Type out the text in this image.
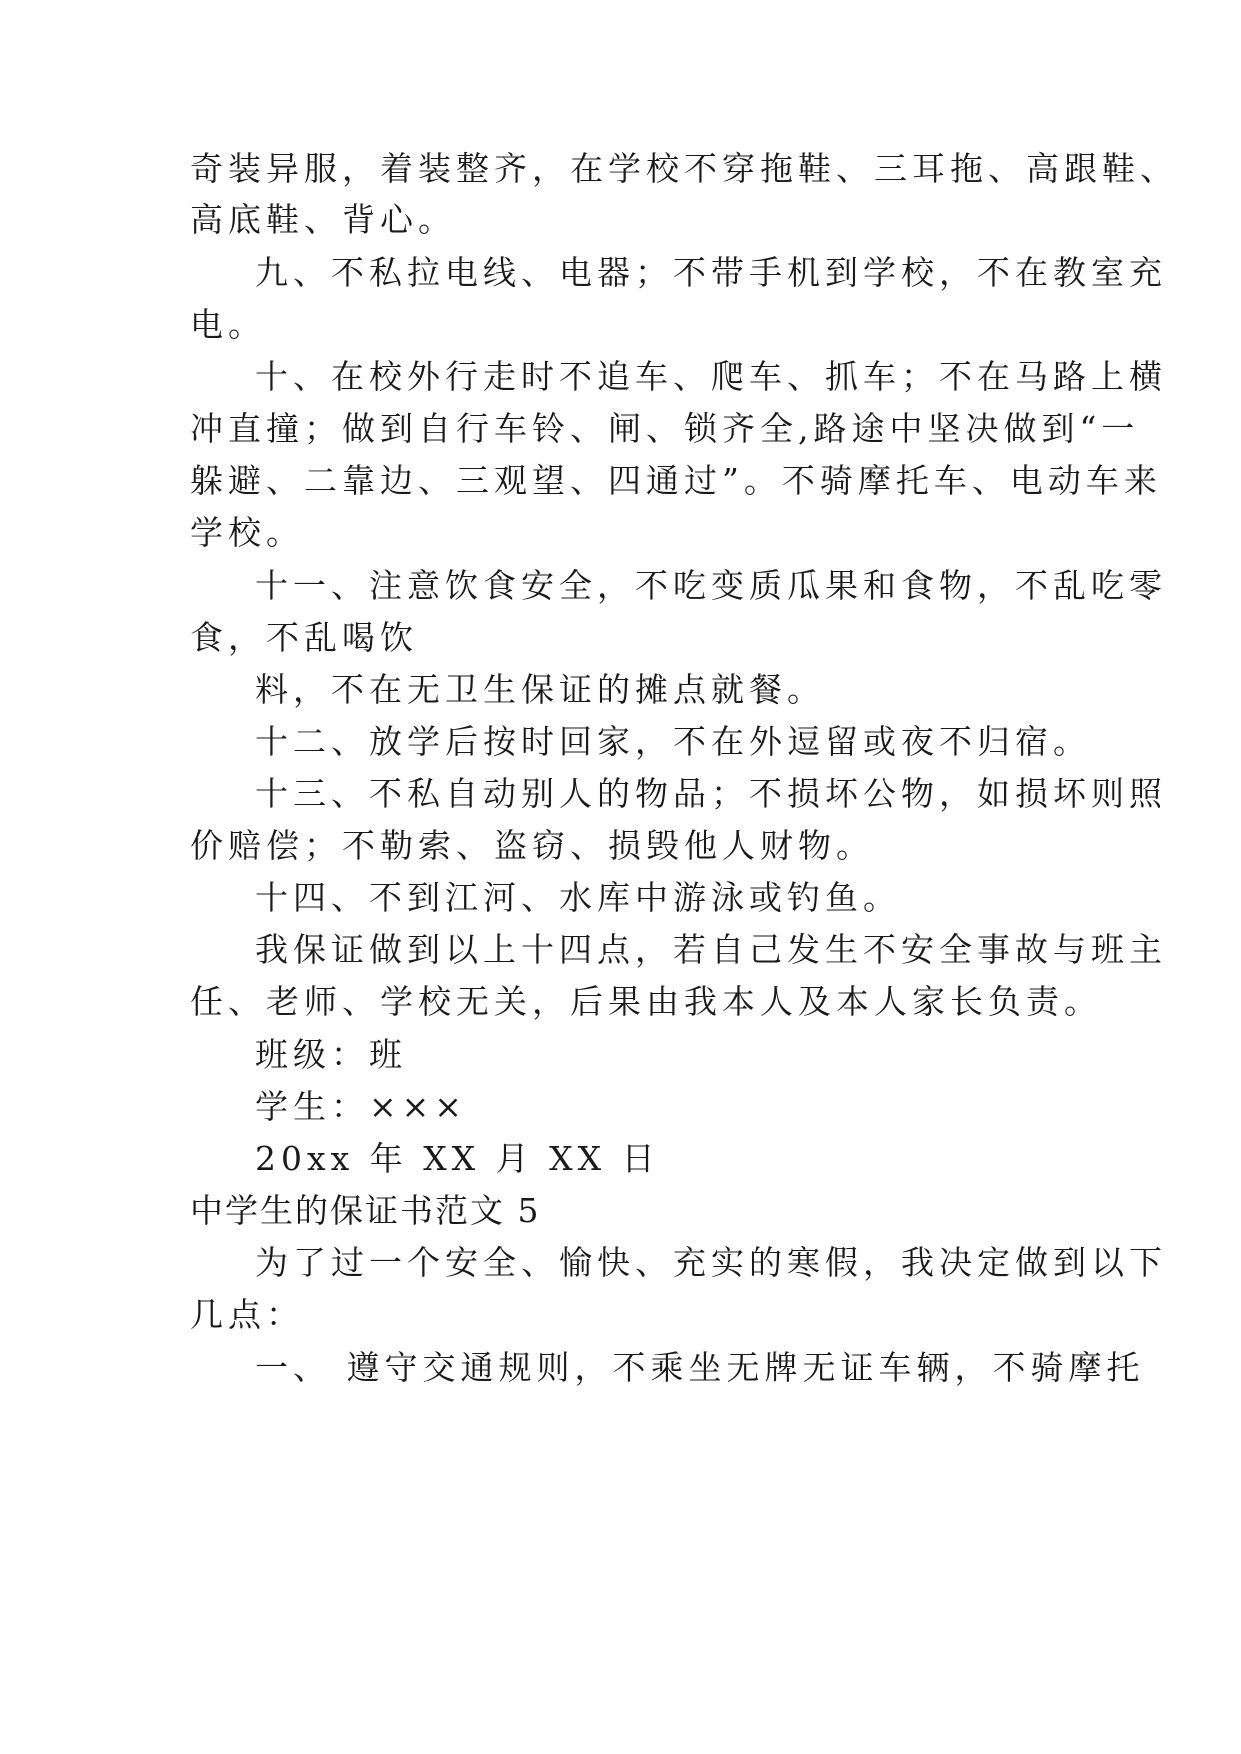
奇装异服，着装整齐，在学校不穿拖鞋、三耳拖、高跟鞋、
高底鞋、背心。
九、不私拉电线、电器；不带手机到学校，不在教室充
电。
十、在校外行走时不追车、爬车、抓车；不在马路上横
冲直撞；做到自行车铃、闸、锁齐全,路途中坚决做到“一
躲避、二靠边、三观望、四通过”。不骑摩托车、电动车来
学校。
十一、注意饮食安全，不吃变质瓜果和食物，不乱吃零
食，不乱喝饮
料，不在无卫生保证的摊点就餐。
十二、放学后按时回家，不在外逗留或夜不归宿。
十三、不私自动别人的物品；不损坏公物，如损坏则照
价赔偿；不勒索、盗窃、损毁他人财物。
十四、不到江河、水库中游泳或钓鱼。
我保证做到以上十四点，若自己发生不安全事故与班主
任、老师、学校无关，后果由我本人及本人家长负责。
班级：班
学生：×××
20xx 年 XX 月 XX 日
中学生的保证书范文 5
为了过一个安全、愉快、充实的寒假，我决定做到以下
几点：
一、 遵守交通规则，不乘坐无牌无证车辆，不骑摩托
